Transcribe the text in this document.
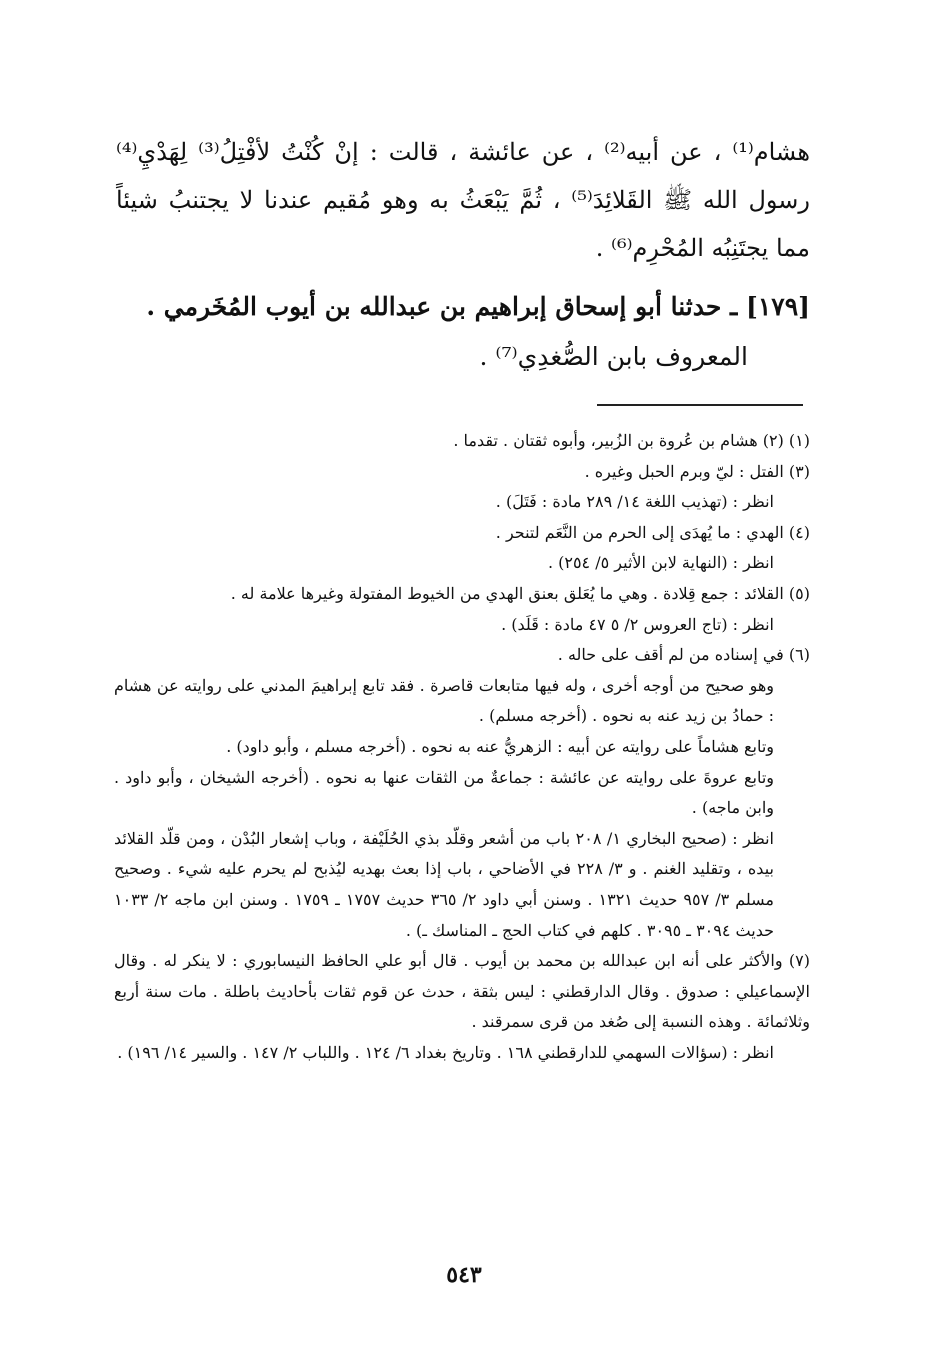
هشام⁽¹⁾ ، عن أبيه⁽²⁾ ، عن عائشة ، قالت : إنْ كُنْتُ لأفْتِلُ⁽³⁾ لِهَدْيِ⁽⁴⁾ رسول الله ﷺ القَلائِدَ⁽⁵⁾ ، ثُمَّ يَبْعَثُ به وهو مُقيم عندنا لا يجتنبُ شيئاً مما يجتَنِبُه المُحْرِم⁽⁶⁾ .

[١٧٩] ـ حدثنا أبو إسحاق إبراهيم بن عبدالله بن أيوب المُخَرمي .
المعروف بابن الصُّغدِي⁽⁷⁾ .

(١) (٢) هشام بن عُروة بن الزُبير، وأبوه ثقتان . تقدما .

(٣) الفتل : ليّ وبرم الحبل وغيره .

انظر : (تهذيب اللغة ١٤/ ٢٨٩ مادة : فَتَلَ) .

(٤) الهدي : ما يُهدَى إلى الحرم من النَّعَم لتنحر .

انظر : (النهاية لابن الأثير ٥/ ٢٥٤) .

(٥) القلائد : جمع قِلادة . وهي ما يُعَلق بعنق الهدي من الخيوط المفتولة وغيرها علامة له .

انظر : (تاج العروس ٢/ ٥ ٤٧ مادة : قَلَد) .

(٦) في إسناده من لم أقف على حاله .

وهو صحيح من أوجه أخرى ، وله فيها متابعات قاصرة . فقد تابع إبراهيمَ المدني على روايته عن هشام : حمادُ بن زيد عنه به نحوه . (أخرجه مسلم) .

وتابع هشاماً على روايته عن أبيه : الزهريُّ عنه به نحوه . (أخرجه مسلم ، وأبو داود) .

وتابع عروةَ على روايته عن عائشة : جماعةٌ من الثقات عنها به نحوه . (أخرجه الشيخان ، وأبو داود . وابن ماجه) .

انظر : (صحيح البخاري ١/ ٢٠٨ باب من أشعر وقلّد بذي الحُلَيْفة ، وباب إشعار البُدْن ، ومن قلّد القلائد بيده ، وتقليد الغنم . و ٣/ ٢٢٨ في الأضاحي ، باب إذا بعث بهديه ليُذبح لم يحرم عليه شيء . وصحيح مسلم ٣/ ٩٥٧ حديث ١٣٢١ . وسنن أبي داود ٢/ ٣٦٥ حديث ١٧٥٧ ـ ١٧٥٩ . وسنن ابن ماجه ٢/ ١٠٣٣ حديث ٣٠٩٤ ـ ٣٠٩٥ . كلهم في كتاب الحج ـ المناسك ـ) .

(٧) والأكثر على أنه ابن عبدالله بن محمد بن أيوب . قال أبو علي الحافظ النيسابوري : لا ينكر له . وقال الإسماعيلي : صدوق . وقال الدارقطني : ليس بثقة ، حدث عن قوم ثقات بأحاديث باطلة . مات سنة أربع وثلاثمائة . وهذه النسبة إلى صُغد من قرى سمرقند .

انظر : (سؤالات السهمي للدارقطني ١٦٨ . وتاريخ بغداد ٦/ ١٢٤ . واللباب ٢/ ١٤٧ . والسير ١٤/ ١٩٦) .

٥٤٣
